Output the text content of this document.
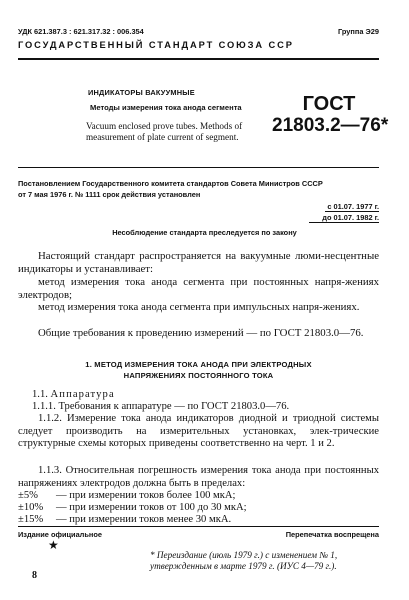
УДК 621.387.3 : 621.317.32 : 006.354	Группа Э29
ГОСУДАРСТВЕННЫЙ СТАНДАРТ СОЮЗА ССР
ИНДИКАТОРЫ ВАКУУМНЫЕ
Методы измерения тока анода сегмента
Vacuum enclosed prove tubes. Methods of measurement of plate current of segment.
ГОСТ
21803.2—76*
Постановлением Государственного комитета стандартов Совета Министров СССР
от 7 мая 1976 г. № 1111 срок действия установлен
с 01.07. 1977 г.
до 01.07. 1982 г.
Несоблюдение стандарта преследуется по закону
Настоящий стандарт распространяется на вакуумные люми-несцентные индикаторы и устанавливает:
метод измерения тока анода сегмента при постоянных напря-жениях электродов;
метод измерения тока анода сегмента при импульсных напря-жениях.
Общие требования к проведению измерений — по ГОСТ 21803.0—76.
1. МЕТОД ИЗМЕРЕНИЯ ТОКА АНОДА ПРИ ЭЛЕКТРОДНЫХ
НАПРЯЖЕНИЯХ ПОСТОЯННОГО ТОКА
1.1. Аппаратура
1.1.1. Требования к аппаратуре — по ГОСТ 21803.0—76.
1.1.2. Измерение тока анода индикаторов диодной и триодной системы следует производить на измерительных установках, элек-трические структурные схемы которых приведены соответственно на черт. 1 и 2.
1.1.3. Относительная погрешность измерения тока анода при постоянных напряжениях электродов должна быть в пределах:
±5% — при измерении токов более 100 мкА;
±10% — при измерении токов от 100 до 30 мкА;
±15% — при измерении токов менее 30 мкА.
Издание официальное
★
Перепечатка воспрещена
* Переиздание (июль 1979 г.) с изменением № 1, утвержденным в марте 1979 г. (ИУС 4—79 г.).
8
